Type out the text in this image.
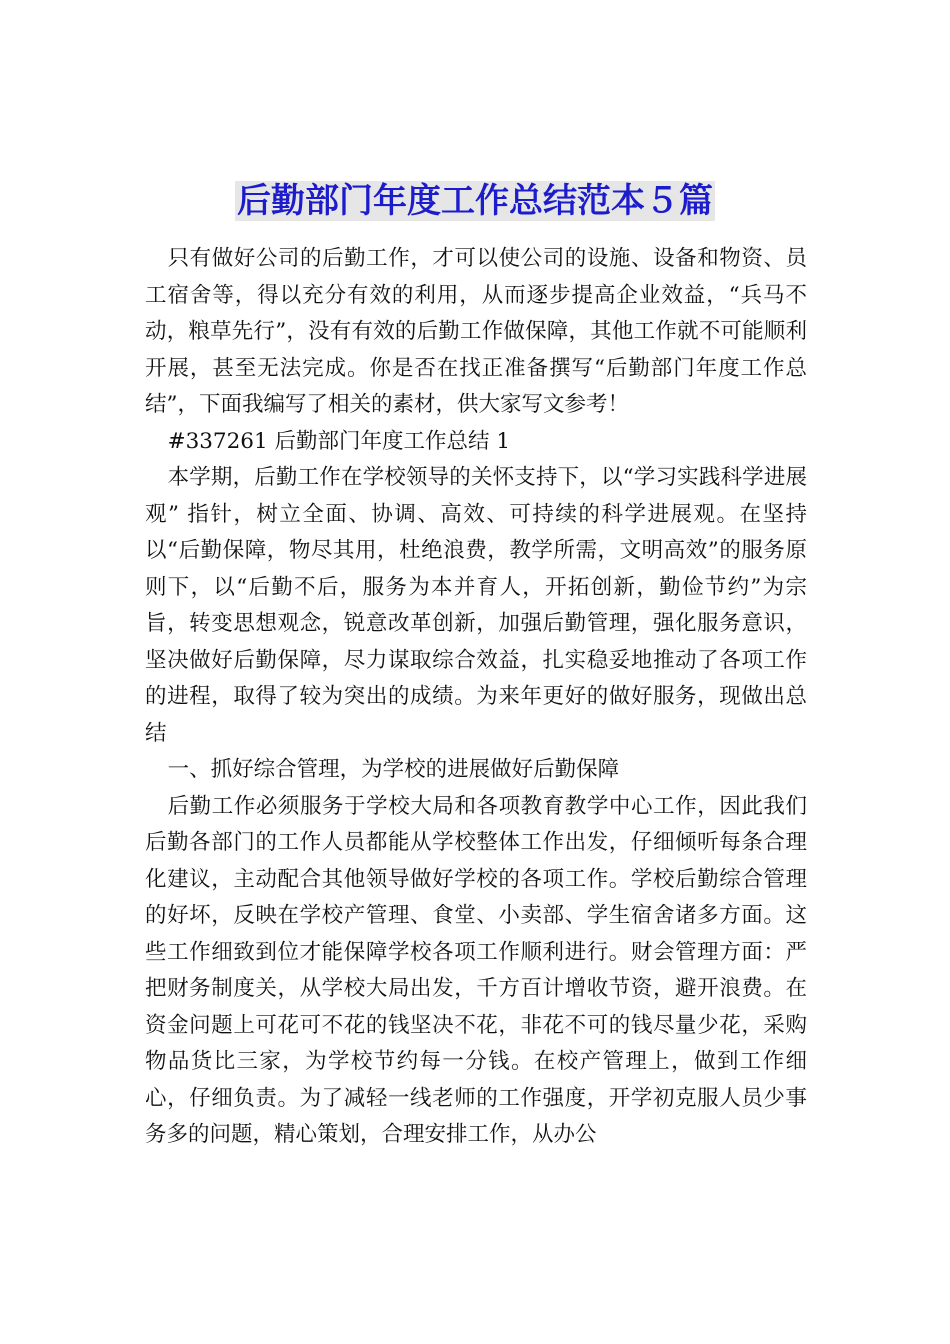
后勤部门年度工作总结范本５篇

只有做好公司的后勤工作，才可以使公司的设施、设备和物资、员工宿舍等，得以充分有效的利用，从而逐步提高企业效益，“兵马不动，粮草先行”，没有有效的后勤工作做保障，其他工作就不可能顺利开展，甚至无法完成。你是否在找正准备撰写“后勤部门年度工作总结”，下面我编写了相关的素材，供大家写文参考！

#337261 后勤部门年度工作总结 1

本学期，后勤工作在学校领导的关怀支持下，以“学习实践科学进展观” 指针，树立全面、协调、高效、可持续的科学进展观。在坚持以“后勤保障，物尽其用，杜绝浪费，教学所需，文明高效”的服务原则下，以“后勤不后，服务为本并育人，开拓创新，勤俭节约”为宗旨，转变思想观念，锐意改革创新，加强后勤管理，强化服务意识，坚决做好后勤保障，尽力谋取综合效益，扎实稳妥地推动了各项工作的进程，取得了较为突出的成绩。为来年更好的做好服务，现做出总结

一、抓好综合管理，为学校的进展做好后勤保障

后勤工作必须服务于学校大局和各项教育教学中心工作，因此我们后勤各部门的工作人员都能从学校整体工作出发，仔细倾听每条合理化建议，主动配合其他领导做好学校的各项工作。学校后勤综合管理的好坏，反映在学校产管理、食堂、小卖部、学生宿舍诸多方面。这些工作细致到位才能保障学校各项工作顺利进行。财会管理方面：严把财务制度关，从学校大局出发，千方百计增收节资，避开浪费。在资金问题上可花可不花的钱坚决不花，非花不可的钱尽量少花，采购物品货比三家，为学校节约每一分钱。在校产管理上，做到工作细心，仔细负责。为了减轻一线老师的工作强度，开学初克服人员少事务多的问题，精心策划，合理安排工作，从办公
